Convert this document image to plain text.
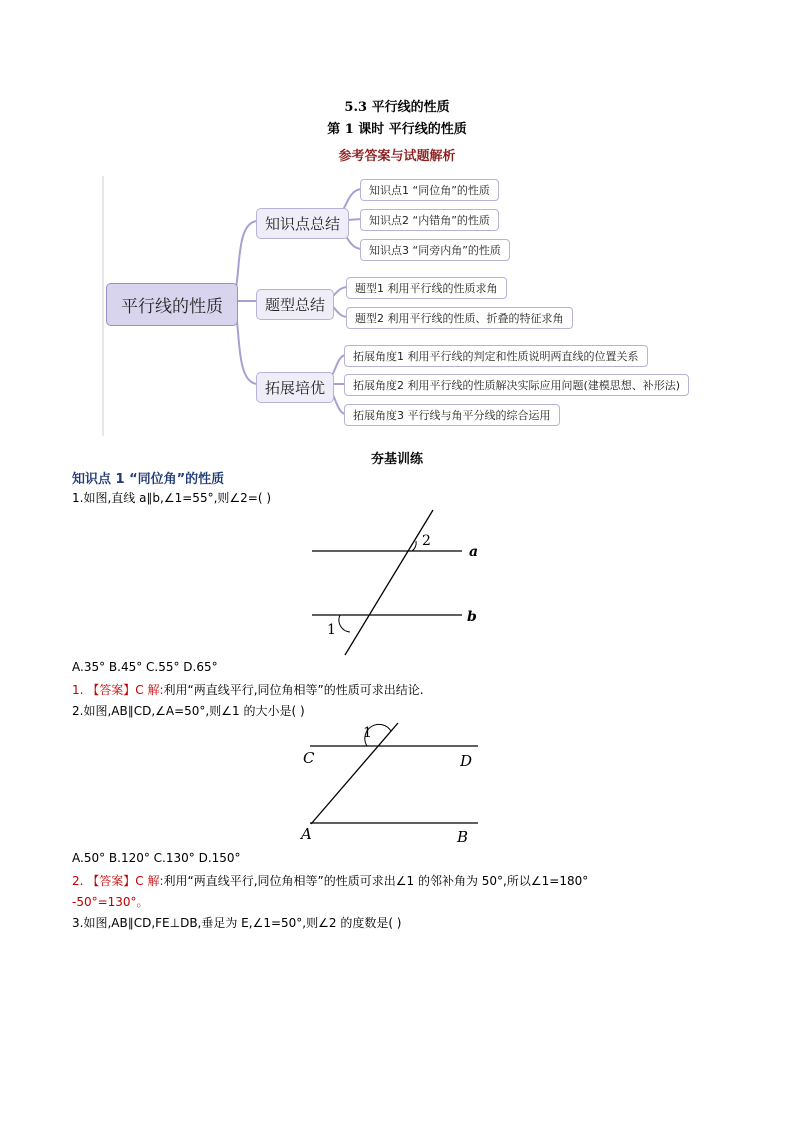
5.3 平行线的性质
第 1 课时 平行线的性质
参考答案与试题解析
平行线的性质
知识点总结
题型总结
拓展培优
知识点1 “同位角”的性质
知识点2 “内错角”的性质
知识点3 “同旁内角”的性质
题型1 利用平行线的性质求角
题型2 利用平行线的性质、折叠的特征求角
拓展角度1 利用平行线的判定和性质说明两直线的位置关系
拓展角度2 利用平行线的性质解决实际应用问题(建模思想、补形法)
拓展角度3 平行线与角平分线的综合运用
夯基训练
知识点 1 “同位角”的性质
1.如图,直线 a∥b,∠1=55°,则∠2=( )
2
a
b
1
A.35° B.45° C.55° D.65°
1. 【答案】C 解:利用“两直线平行,同位角相等”的性质可求出结论.
2.如图,AB∥CD,∠A=50°,则∠1 的大小是( )
1
C	D
A	B
A.50° B.120° C.130° D.150°
2. 【答案】C 解:利用“两直线平行,同位角相等”的性质可求出∠1 的邻补角为 50°,所以∠1=180°
-50°=130°。
3.如图,AB∥CD,FE⊥DB,垂足为 E,∠1=50°,则∠2 的度数是( )
